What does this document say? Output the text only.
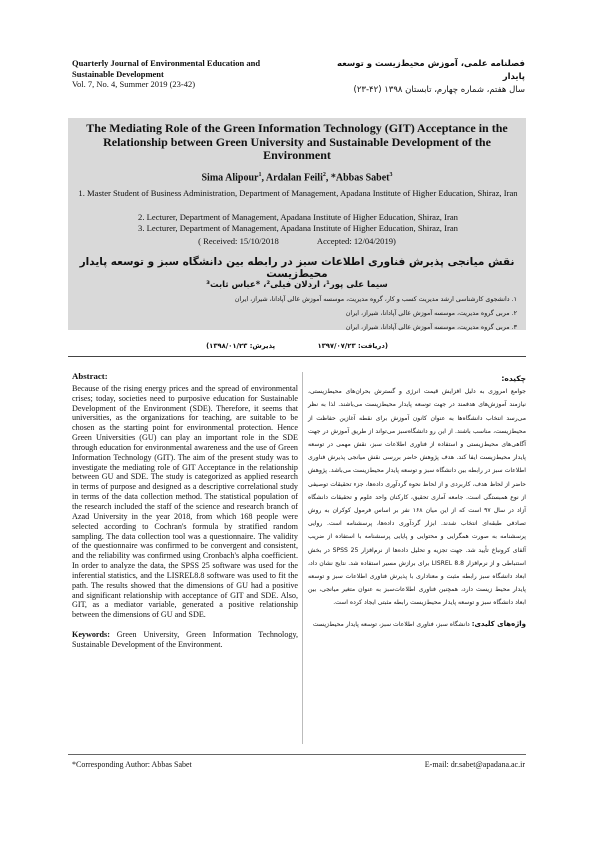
Quarterly Journal of Environmental Education and Sustainable Development
Vol. 7, No. 4, Summer 2019 (23-42)
فصلنامه علمی، آموزش محیط‌زیست و توسعه پایدار
سال هفتم، شماره چهارم، تابستان ۱۳۹۸ (۴۲-۲۳)
The Mediating Role of the Green Information Technology (GIT) Acceptance in the Relationship between Green University and Sustainable Development of the Environment
Sima Alipour$^1$, Ardalan Feili$^2$, *Abbas Sabet$^3$
1. Master Student of Business Administration, Department of Management, Apadana Institute of Higher Education, Shiraz, Iran
2. Lecturer, Department of Management, Apadana Institute of Higher Education, Shiraz, Iran
3. Lecturer, Department of Management, Apadana Institute of Higher Education, Shiraz, Iran
( Received: 15/10/2018	Accepted: 12/04/2019)
نقش میانجی پذیرش فناوری اطلاعات سبز در رابطه بین دانشگاه سبز و توسعه پایدار محیط‌زیست
سیما علی پور¹، اردلان فیلی²، *عباس ثابت³
۱. دانشجوی کارشناسی ارشد مدیریت کسب و کار، گروه مدیریت، موسسه آموزش عالی آپادانا، شیراز، ایران
۲. مربی گروه مدیریت، موسسه آموزش عالی آپادانا، شیراز، ایران
۳. مربی گروه مدیریت، موسسه آموزش عالی آپادانا، شیراز، ایران
(دریافت: ۱۳۹۷/۰۷/۲۳ پذیرش: ۱۳۹۸/۰۱/۲۳)
Abstract:
Because of the rising energy prices and the spread of environmental crises; today, societies need to purposive education for Sustainable Development of the Environment (SDE). Therefore, it seems that universities, as the organizations for teaching, are suitable to be chosen as the starting point for environmental protection. Hence Green Universities (GU) can play an important role in the SDE through education for environmental awareness and the use of Green Information Technology (GIT). The aim of the present study was to investigate the mediating role of GIT Acceptance in the relationship between GU and SDE. The study is categorized as applied research in terms of purpose and designed as a descriptive correlational study in terms of the data collection method. The statistical population of the research included the staff of the science and research branch of Azad University in the year 2018, from which 168 people were selected according to Cochran's formula by stratified random sampling. The data collection tool was a questionnaire. The validity of the questionnaire was confirmed to be convergent and consistent, and the reliability was confirmed using Cronbach's alpha coefficient. In order to analyze the data, the SPSS 25 software was used for the inferential statistics, and the LISREL8.8 software was used to fit the path. The results showed that the dimensions of GU had a positive and significant relationship with acceptance of GIT and SDE. Also, GIT, as a mediator variable, generated a positive relationship between the dimensions of GU and SDE.
Keywords: Green University, Green Information Technology, Sustainable Development of the Environment.
چکیده:
جوامع امروزی به دلیل افزایش قیمت انرژی و گسترش بحران‌های محیط‌زیستی، نیازمند آموزش‌های هدفمند در جهت توسعه پایدار محیط‌زیست می‌باشند. لذا به نظر می‌رسد انتخاب دانشگاه‌ها به عنوان کانون آموزش برای نقطه آغازین حفاظت از محیط‌زیست، مناسب باشند. از این رو دانشگاه‌سبز می‌تواند از طریق آموزش در جهت آگاهی‌های محیط‌زیستی و استفاده از فناوری اطلاعات سبز، نقش مهمی در توسعه پایدار محیط‌زیست ایفا کند. هدف پژوهش حاضر بررسی نقش میانجی پذیرش فناوری اطلاعات سبز در رابطه بین دانشگاه سبز و توسعه پایدار محیط‌زیست می‌باشد. پژوهش حاضر از لحاظ هدف، کاربردی و از لحاظ نحوه گردآوری داده‌ها، جزء تحقیقات توصیفی از نوع همبستگی است. جامعه آماری تحقیق، کارکنان واحد علوم و تحقیقات دانشگاه آزاد در سال ۹۷ است که از این میان ۱۶۸ نفر بر اساس فرمول کوکران به روش تصادفی طبقه‌ای انتخاب شدند. ابزار گردآوری داده‌ها، پرسشنامه است. روایی پرسشنامه به صورت همگرایی و محتوایی و پایایی پرسشنامه با استفاده از ضریب آلفای کرونباخ تأیید شد. جهت تجزیه و تحلیل داده‌ها از نرم‌افزار SPSS 25 در بخش استنباطی و از نرم‌افزار LISREL 8.8 برای برازش مسیر استفاده شد. نتایج نشان داد، ابعاد دانشگاه سبز رابطه مثبت و معناداری با پذیرش فناوری اطلاعات سبز و توسعه پایدار محیط زیست دارد، همچنین فناوری اطلاعات‌سبز به عنوان متغیر میانجی، بین ابعاد دانشگاه سبز و توسعه پایدار محیط‌زیست رابطه مثبتی ایجاد کرده است.
واژه‌های کلیدی: دانشگاه سبز، فناوری اطلاعات سبز، توسعه پایدار محیط‌زیست
*Corresponding Author: Abbas Sabet	E-mail: dr.sabet@apadana.ac.ir
